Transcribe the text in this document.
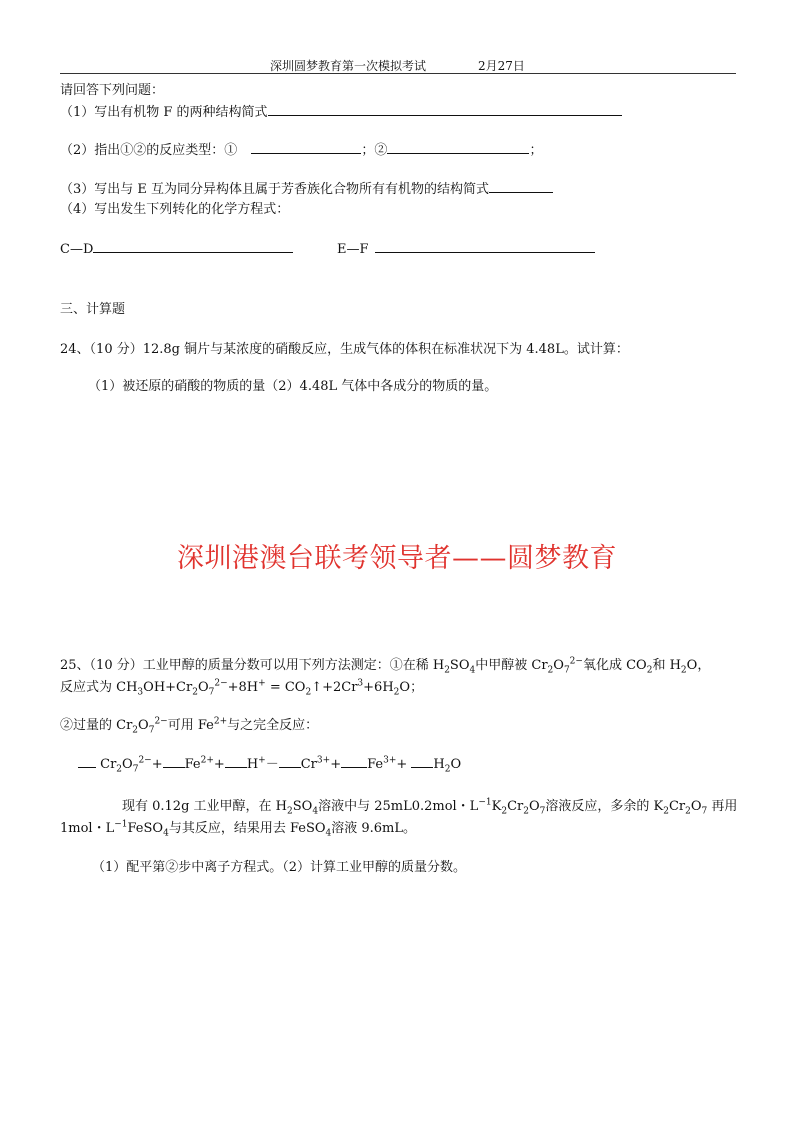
深圳圆梦教育第一次模拟考试	2月27日
请回答下列问题：
（1）写出有机物 F 的两种结构简式
（2）指出①②的反应类型：①	；②	；
（3）写出与 E 互为同分异构体且属于芳香族化合物所有有机物的结构简式
（4）写出发生下列转化的化学方程式：
C—D	E—F
三、计算题
24、（10 分）12.8g 铜片与某浓度的硝酸反应，生成气体的体积在标准状况下为 4.48L。试计算：
（1）被还原的硝酸的物质的量（2）4.48L 气体中各成分的物质的量。
深圳港澳台联考领导者——圆梦教育
25、（10 分）工业甲醇的质量分数可以用下列方法测定：①在稀 $H_2SO_4$中甲醇被 $Cr_2O_7^{2-}$氧化成 $CO_2$和 $H_2O$，
反应式为 $CH_3OH+Cr_2O_7^{2-}+8H^+$ = $CO_2↑+2Cr^3+6H_2O$；
②过量的 $Cr_2O_7^{2-}$可用 $Fe^{2+}$与之完全反应：
$Cr_2O_7^{2-}+ Fe^{2+}+ H^+- Cr^{3+}+ Fe^{3+}+ H_2O$
现有 0.12g 工业甲醇，在 $H_2SO_4$溶液中与 25mL0.2mol・$L^{-1}K_2Cr_2O_7$溶液反应，多余的 $K_2Cr_2O_7$ 再用
1mol・$L^{-1}FeSO_4$与其反应，结果用去 FeSO$_4$溶液 9.6mL。
（1）配平第②步中离子方程式。（2）计算工业甲醇的质量分数。
